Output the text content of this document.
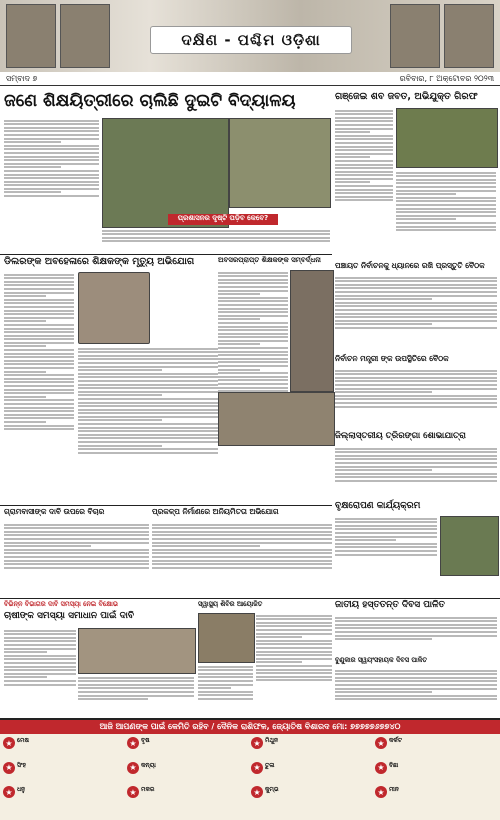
ଦକ୍ଷିଣ - ପଶ୍ଚିମ ଓଡ଼ିଶା
ସମ୍ବାଦ ୭	ରବିବାର, ୮ ଅକ୍ଟୋବର ୨୦୨୩
ଜଣେ ଶିକ୍ଷୟିତ୍ରୀରେ ଚାଲିଛି ଦୁଇଟି ବିଦ୍ୟାଳୟ
ପ୍ରଶାସନର ଦୃଷ୍ଟି ପଡ଼ିବ କେବେ?
ଗଞ୍ଜେଇ ଶବ ଜବତ, ଅଭିଯୁକ୍ତ ଗିରଫ
ଡିଲରଙ୍କ ଅବହେଳାରେ ଶିକ୍ଷକଙ୍କ ମୃତ୍ୟୁ ଅଭିଯୋଗ	ଅବସରପ୍ରାପ୍ତ ଶିକ୍ଷକଙ୍କ ସମ୍ବର୍ଦ୍ଧନା
ପଞ୍ଚାୟତ ନିର୍ବାଚନକୁ ଧ୍ୟାନରେ ରଖି ପ୍ରସ୍ତୁତି ବୈଠକ
ନିର୍ବାଚନ ମନ୍ତ୍ରୀ ଙ୍କ ଉପସ୍ଥିତିରେ ବୈଠକ
ଜିଲ୍ଲାସ୍ତରୀୟ ତ୍ରିରଙ୍ଗା ଶୋଭାଯାତ୍ରା
ବୃକ୍ଷରୋପଣ କାର୍ଯ୍ୟକ୍ରମ
ଗ୍ରାମବାସୀଙ୍କ ଦାବି ଉପରେ ବିଚାର	ପ୍ରକଳ୍ପ ନିର୍ମାଣରେ ଅନିୟମିତତା ଅଭିଯୋଗ
ବିଭିନ୍ନ ବିଭାଗର ଦାବି ସମସ୍ୟା ନେଇ ବିକ୍ଷୋଭ
ଚାଷୀଙ୍କ ସମସ୍ୟା ସମାଧାନ ପାଇଁ ଦାବି
ସ୍ୱାସ୍ଥ୍ୟ ଶିବିର ଆୟୋଜିତ	ଜାତୀୟ ହସ୍ତତନ୍ତ ଦିବସ ପାଳିତ
ବୁଣୁକାର ସ୍ୱୟଂସହାୟକ ଦିବସ ପାଳିତ
ଆଜି ଆପଣଙ୍କ ପାଇଁ କେମିତି ରହିବ / ଦୈନିକ ରାଶିଫଳ, ଜ୍ୟୋତିଷ ବିଶାରଦ ମୋ: ୭୭୭୭୭୬୭୭୪୦
★ ମେଷ	★ ବୃଷ	★ ମିଥୁନ	★ କର୍କଟ
★ ସିଂହ	★ କନ୍ୟା	★ ତୁଳା	★ ବିଛା
★ ଧନୁ	★ ମକର	★ କୁମ୍ଭ	★ ମୀନ
